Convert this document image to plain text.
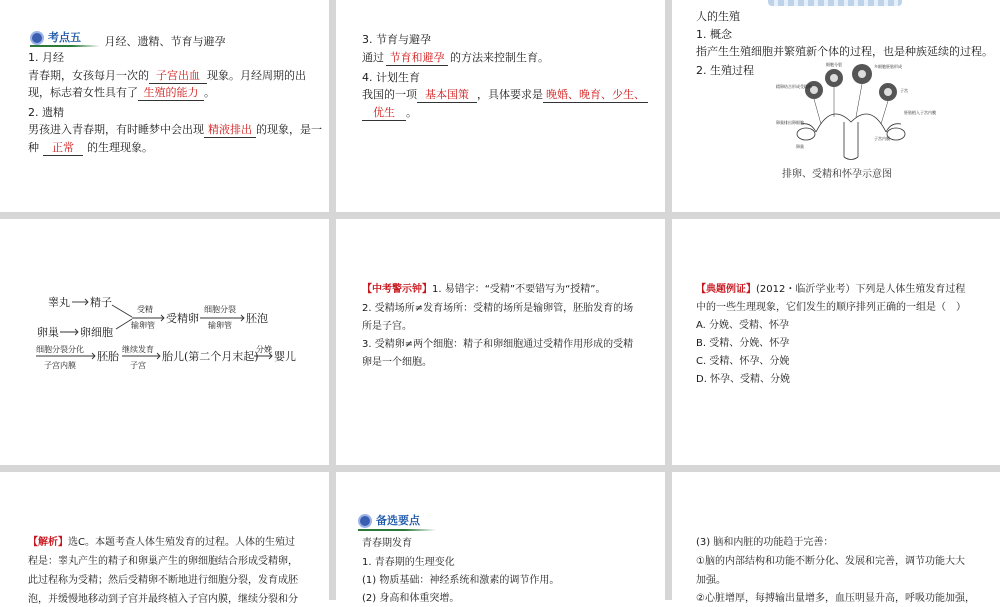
考点五 月经、遗精、节育与避孕
1. 月经
青春期，女孩每月一次的 子宫出血 现象。月经周期的出
现，标志着女性具有了 生殖的能力 。
2. 遗精
男孩进入青春期，有时睡梦中会出现 精液排出 的现象，是一
种 正常 的生理现象。
3. 节育与避孕
通过 节育和避孕 的方法来控制生育。
4. 计划生育
我国的一项 基本国策 ，具体要求是 晚婚、晚育、少生、
优生 。
人的生殖
1. 概念
指产生生殖细胞并繁殖新个体的过程，也是种族延续的过程。
2. 生殖过程
精卵结合形成受精卵
细胞分裂	多细胞胚胎形成
子宫
卵巢排出卵细胞
子宫内膜
胚胎植入子宫内膜
卵巢
排卵、受精和怀孕示意图
睾丸 精子
卵巢 卵细胞
受精卵	胚泡
胚胎	胎儿(第二个月末起) 婴儿
受精
输卵管
细胞分裂
输卵管
细胞分裂分化
子宫内膜
继续发育
子宫
分娩
【中考警示钟】1. 易错字：“受精”不要错写为“授精”。
2. 受精场所≠发育场所：受精的场所是输卵管，胚胎发育的场
所是子宫。
3. 受精卵≠两个细胞：精子和卵细胞通过受精作用形成的受精
卵是一个细胞。
【典题例证】(2012・临沂学业考）下列是人体生殖发育过程
中的一些生理现象，它们发生的顺序排列正确的一组是（　）
A. 分娩、受精、怀孕
B. 受精、分娩、怀孕
C. 受精、怀孕、分娩
D. 怀孕、受精、分娩
【解析】选C。本题考查人体生殖发育的过程。人体的生殖过
程是：睾丸产生的精子和卵巢产生的卵细胞结合形成受精卵，
此过程称为受精；然后受精卵不断地进行细胞分裂，发育成胚
泡，并缓慢地移动到子宫并最终植入子宫内膜，继续分裂和分
备选要点
青春期发育
1. 青春期的生理变化
(1) 物质基础：神经系统和激素的调节作用。
(2) 身高和体重突增。
(3) 脑和内脏的功能趋于完善：
①脑的内部结构和功能不断分化、发展和完善，调节功能大大
加强。
②心脏增厚，每搏输出量增多，血压明显升高，呼吸功能加强，
